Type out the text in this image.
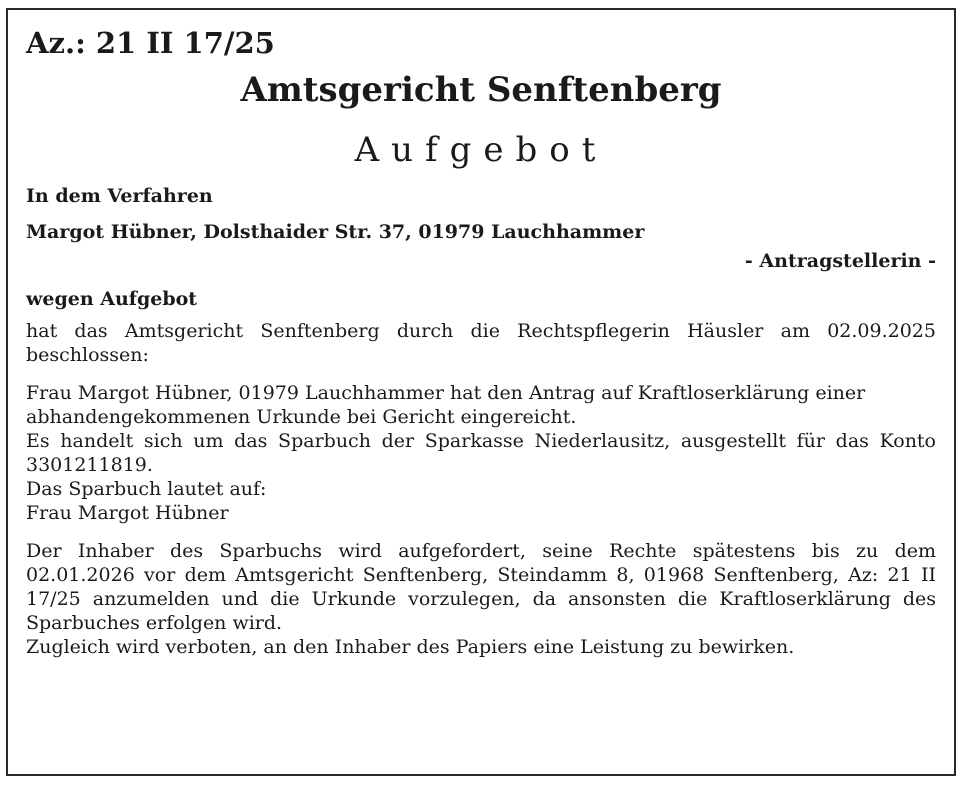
Az.: 21 II 17/25
Amtsgericht Senftenberg
Aufgebot
In dem Verfahren
Margot Hübner, Dolsthaider Str. 37, 01979 Lauchhammer
- Antragstellerin -
wegen Aufgebot
hat das Amtsgericht Senftenberg durch die Rechtspflegerin Häusler am 02.09.2025 beschlossen:
Frau Margot Hübner, 01979 Lauchhammer hat den Antrag auf Kraftloserklärung einer abhandengekommenen Urkunde bei Gericht eingereicht.
Es handelt sich um das Sparbuch der Sparkasse Niederlausitz, ausgestellt für das Konto 3301211819.
Das Sparbuch lautet auf:
Frau Margot Hübner
Der Inhaber des Sparbuchs wird aufgefordert, seine Rechte spätestens bis zu dem 02.01.2026 vor dem Amtsgericht Senftenberg, Steindamm 8, 01968 Senftenberg, Az: 21 II 17/25 anzumelden und die Urkunde vorzulegen, da ansonsten die Kraftloserklärung des Sparbuches erfolgen wird.
Zugleich wird verboten, an den Inhaber des Papiers eine Leistung zu bewirken.
